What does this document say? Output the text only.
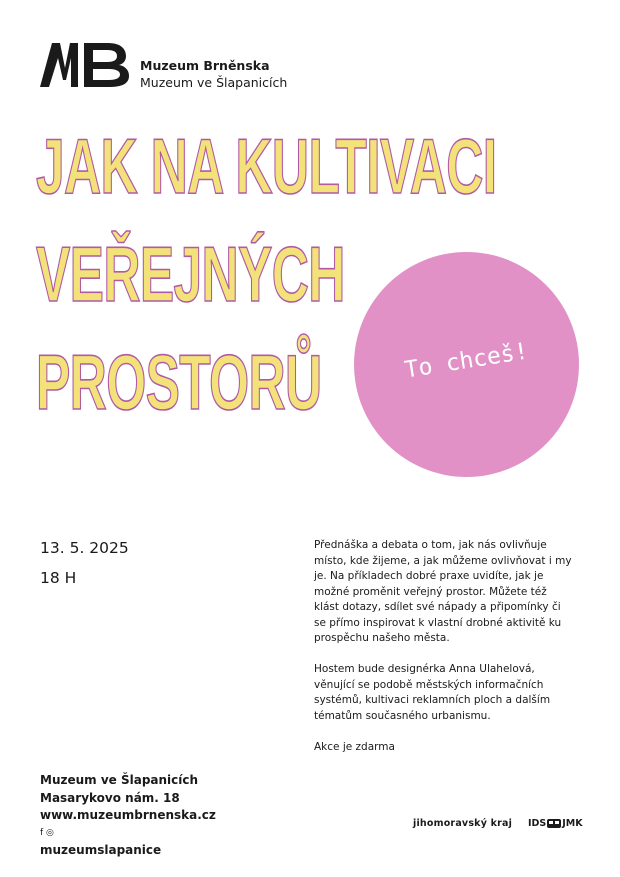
Muzeum Brněnska
Muzeum ve Šlapanicích
JAK NA KULTIVACI
VEŘEJNÝCH
PROSTORŮ	To chceš!
13. 5. 2025
18 H

Přednáška a debata o tom, jak nás ovlivňuje místo, kde žijeme, a jak můžeme ovlivňovat i my je. Na příkladech dobré praxe uvidíte, jak je možné proměnit veřejný prostor. Můžete též klást dotazy, sdílet své nápady a připomínky či se přímo inspirovat k vlastní drobné aktivitě ku prospěchu našeho města.

Hostem bude designérka Anna Ulahelová, věnující se podobě městských informačních systémů, kultivaci reklamních ploch a dalším tématům současného urbanismu.

Akce je zdarma

Muzeum ve Šlapanicích
Masarykovo nám. 18
www.muzeumbrnenska.cz
f ◎
muzeumslapanice
jihomoravský kraj IDS JMK
